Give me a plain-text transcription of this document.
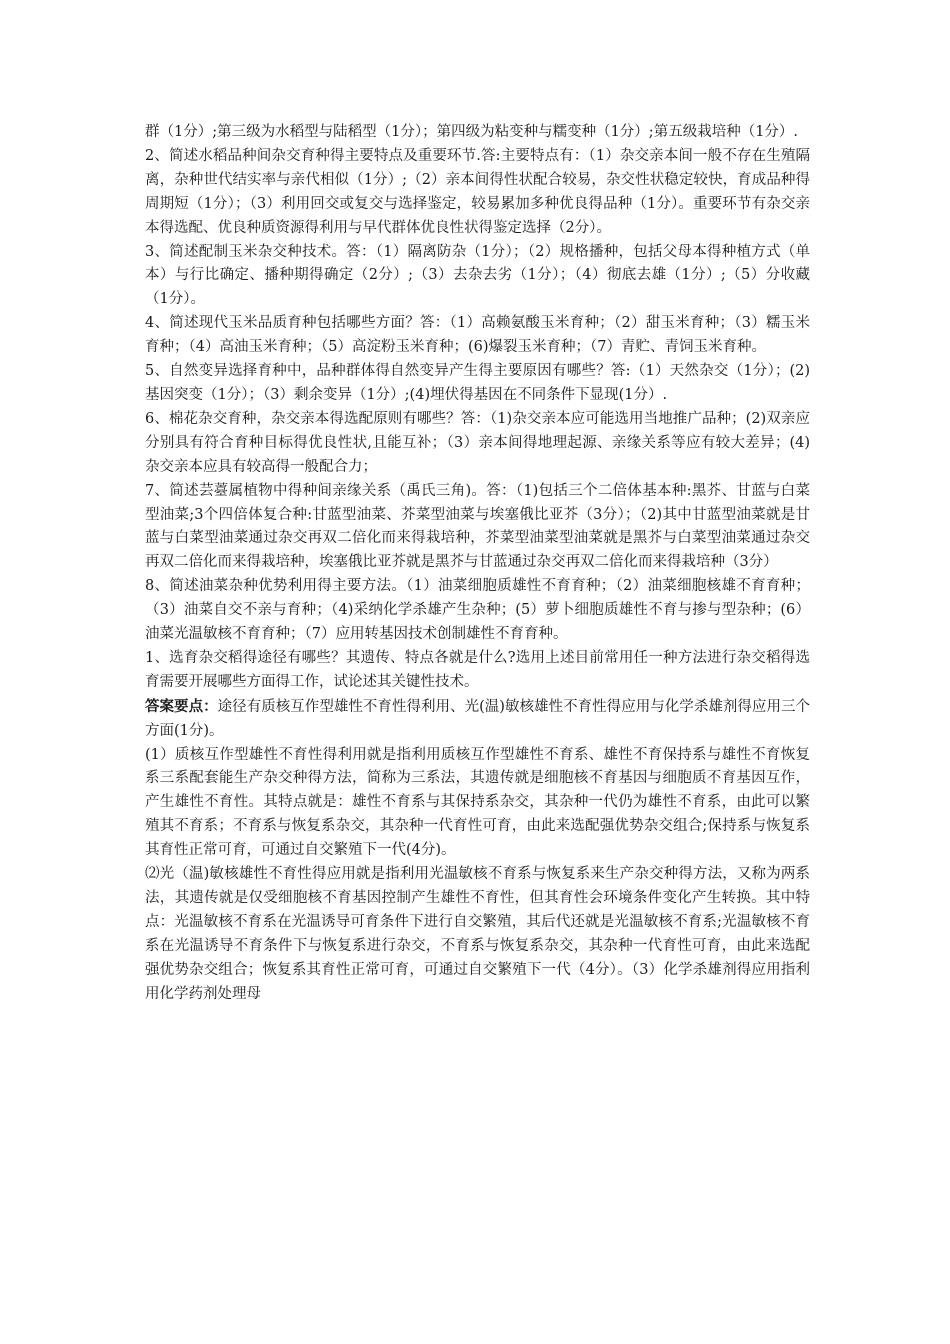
群（1分）;第三级为水稻型与陆稻型（1分）；第四级为粘变种与糯变种（1分）;第五级栽培种（1分）.

2、简述水稻品种间杂交育种得主要特点及重要环节.答:主要特点有：（1）杂交亲本间一般不存在生殖隔离，杂种世代结实率与亲代相似（1分）;（2）亲本间得性状配合较易，杂交性状稳定较快，育成品种得周期短（1分）；（3）利用回交或复交与选择鉴定，较易累加多种优良得品种（1分）。重要环节有杂交亲本得选配、优良种质资源得利用与早代群体优良性状得鉴定选择（2分）。

3、简述配制玉米杂交种技术。答：（1）隔离防杂（1分）；（2）规格播种，包括父母本得种植方式（单本）与行比确定、播种期得确定（2分）;（3）去杂去劣（1分）；（4）彻底去雄（1分）;（5）分收藏（1分）。

4、简述现代玉米品质育种包括哪些方面？答：（1）高赖氨酸玉米育种；（2）甜玉米育种；（3）糯玉米育种；（4）高油玉米育种；（5）高淀粉玉米育种；(6)爆裂玉米育种；（7）青贮、青饲玉米育种。

5、自然变异选择育种中，品种群体得自然变异产生得主要原因有哪些？答:（1）天然杂交（1分）；(2)基因突变（1分）；（3）剩余变异（1分）;(4)埋伏得基因在不同条件下显现(1分）.

6、棉花杂交育种，杂交亲本得选配原则有哪些？答：（1)杂交亲本应可能选用当地推广品种；(2)双亲应分别具有符合育种目标得优良性状,且能互补；（3）亲本间得地理起源、亲缘关系等应有较大差异；(4)杂交亲本应具有较高得一般配合力；

7、简述芸薹属植物中得种间亲缘关系（禹氏三角)。答：（1)包括三个二倍体基本种:黑芥、甘蓝与白菜型油菜;3个四倍体复合种:甘蓝型油菜、芥菜型油菜与埃塞俄比亚芥（3分）；（2)其中甘蓝型油菜就是甘蓝与白菜型油菜通过杂交再双二倍化而来得栽培种，芥菜型油菜型油菜就是黑芥与白菜型油菜通过杂交再双二倍化而来得栽培种，埃塞俄比亚芥就是黑芥与甘蓝通过杂交再双二倍化而来得栽培种（3分）

8、简述油菜杂种优势利用得主要方法。（1）油菜细胞质雄性不育育种；（2）油菜细胞核雄不育育种；（3）油菜自交不亲与育种；（4)采纳化学杀雄产生杂种；(5）萝卜细胞质雄性不育与掺与型杂种；(6）油菜光温敏核不育育种；（7）应用转基因技术创制雄性不育育种。

1、选育杂交稻得途径有哪些？其遗传、特点各就是什么?选用上述目前常用任一种方法进行杂交稻得选育需要开展哪些方面得工作，试论述其关键性技术。

答案要点：途径有质核互作型雄性不育性得利用、光(温)敏核雄性不育性得应用与化学杀雄剂得应用三个方面(1分)。

(1）质核互作型雄性不育性得利用就是指利用质核互作型雄性不育系、雄性不育保持系与雄性不育恢复系三系配套能生产杂交种得方法，简称为三系法，其遗传就是细胞核不育基因与细胞质不育基因互作，产生雄性不育性。其特点就是：雄性不育系与其保持系杂交，其杂种一代仍为雄性不育系，由此可以繁殖其不育系；不育系与恢复系杂交，其杂种一代育性可育，由此来选配强优势杂交组合;保持系与恢复系其育性正常可育，可通过自交繁殖下一代(4分)。

⑵光（温)敏核雄性不育性得应用就是指利用光温敏核不育系与恢复系来生产杂交种得方法，又称为两系法，其遗传就是仅受细胞核不育基因控制产生雄性不育性，但其育性会环境条件变化产生转换。其中特点：光温敏核不育系在光温诱导可育条件下进行自交繁殖，其后代还就是光温敏核不育系;光温敏核不育系在光温诱导不育条件下与恢复系进行杂交，不育系与恢复系杂交，其杂种一代育性可育，由此来选配强优势杂交组合；恢复系其育性正常可育，可通过自交繁殖下一代（4分）。（3）化学杀雄剂得应用指利用化学药剂处理母
